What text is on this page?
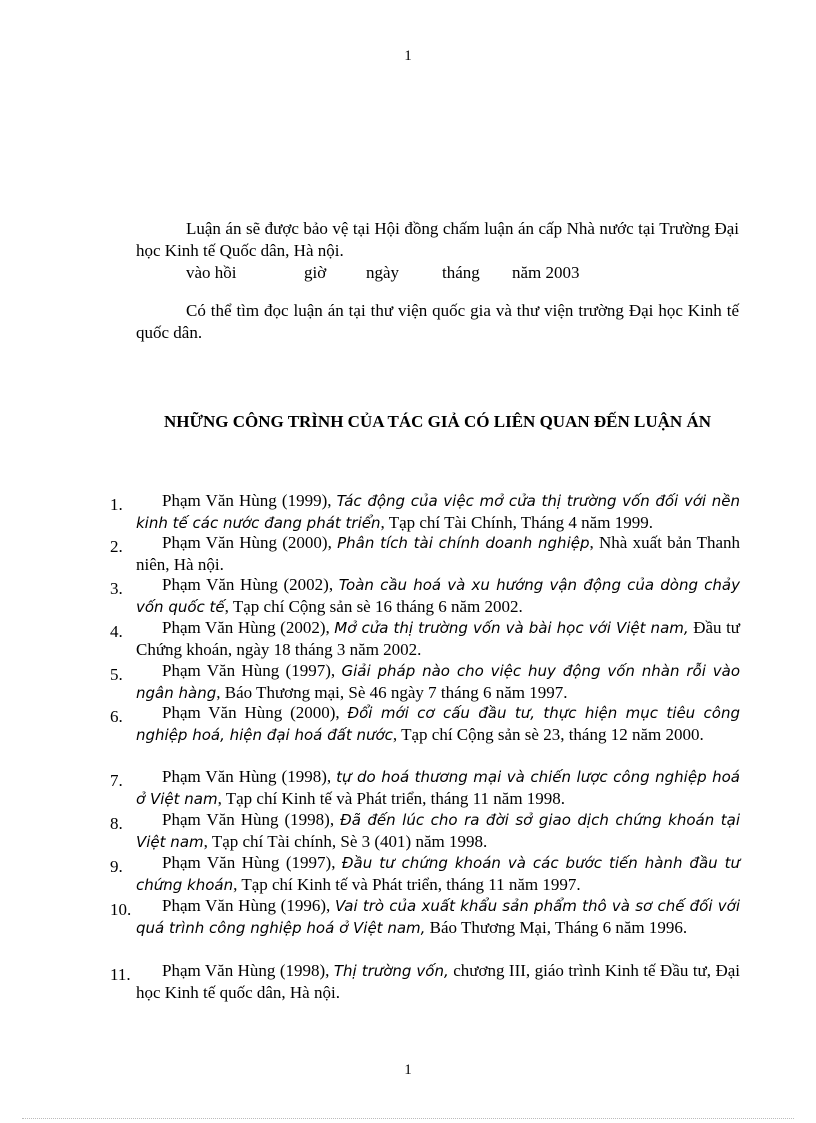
1
Luận án sẽ được bảo vệ tại Hội đồng chấm luận án cấp Nhà nước tại Trường Đại học Kinh tế Quốc dân, Hà nội.
vào hồi	giờ ngày	tháng năm 2003
Có thể tìm đọc luận án tại thư viện quốc gia và thư viện trường Đại học Kinh tế quốc dân.
NHỮNG CÔNG TRÌNH CỦA TÁC GIẢ CÓ LIÊN QUAN ĐẾN LUẬN ÁN
1.	Phạm Văn Hùng (1999), Tác động của việc mở cửa thị trường vốn đối với nền kinh tế các nước đang phát triển, Tạp chí Tài Chính, Tháng 4 năm 1999.
2.	Phạm Văn Hùng (2000), Phân tích tài chính doanh nghiệp, Nhà xuất bản Thanh niên, Hà nội.
3.	Phạm Văn Hùng (2002), Toàn cầu hoá và xu hướng vận động của dòng chảy vốn quốc tế, Tạp chí Cộng sản sè 16 tháng 6 năm 2002.
4.	Phạm Văn Hùng (2002), Mở cửa thị trường vốn và bài học với Việt nam, Đầu tư Chứng khoán, ngày 18 tháng 3 năm 2002.
5.	Phạm Văn Hùng (1997), Giải pháp nào cho việc huy động vốn nhàn rỗi vào ngân hàng, Báo Thương mại, Sè 46 ngày 7 tháng 6 năm 1997.
6.	Phạm Văn Hùng (2000), Đổi mới cơ cấu đầu tư, thực hiện mục tiêu công nghiệp hoá, hiện đại hoá đất nước, Tạp chí Cộng sản sè 23, tháng 12 năm 2000.
7.	Phạm Văn Hùng (1998), tự do hoá thương mại và chiến lược công nghiệp hoá ở Việt nam, Tạp chí Kinh tế và Phát triển, tháng 11 năm 1998.
8.	Phạm Văn Hùng (1998), Đã đến lúc cho ra đời sở giao dịch chứng khoán tại Việt nam, Tạp chí Tài chính, Sè 3 (401) năm 1998.
9.	Phạm Văn Hùng (1997), Đầu tư chứng khoán và các bước tiến hành đầu tư chứng khoán, Tạp chí Kinh tế và Phát triển, tháng 11 năm 1997.
10.	Phạm Văn Hùng (1996), Vai trò của xuất khẩu sản phẩm thô và sơ chế đối với quá trình công nghiệp hoá ở Việt nam, Báo Thương Mại, Tháng 6 năm 1996.
11.	Phạm Văn Hùng (1998), Thị trường vốn, chương III, giáo trình Kinh tế Đầu tư, Đại học Kinh tế quốc dân, Hà nội.
1
